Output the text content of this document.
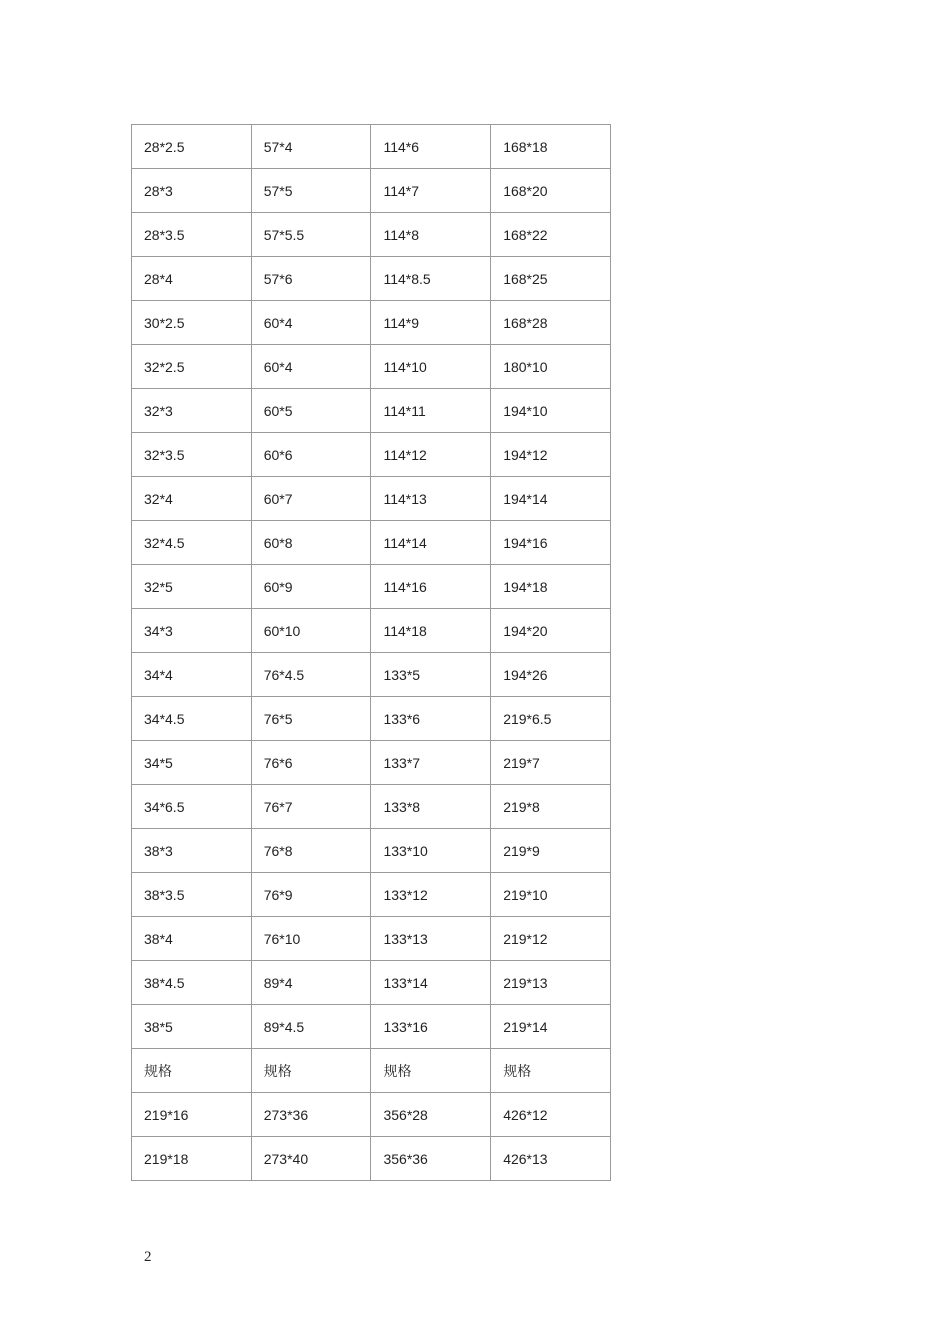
28*2.5	57*4	114*6	168*18
28*3	57*5	114*7	168*20
28*3.5	57*5.5	114*8	168*22
28*4	57*6	114*8.5	168*25
30*2.5	60*4	114*9	168*28
32*2.5	60*4	114*10	180*10
32*3	60*5	114*11	194*10
32*3.5	60*6	114*12	194*12
32*4	60*7	114*13	194*14
32*4.5	60*8	114*14	194*16
32*5	60*9	114*16	194*18
34*3	60*10	114*18	194*20
34*4	76*4.5	133*5	194*26
34*4.5	76*5	133*6	219*6.5
34*5	76*6	133*7	219*7
34*6.5	76*7	133*8	219*8
38*3	76*8	133*10	219*9
38*3.5	76*9	133*12	219*10
38*4	76*10	133*13	219*12
38*4.5	89*4	133*14	219*13
38*5	89*4.5	133*16	219*14
规格	规格	规格	规格
219*16	273*36	356*28	426*12
219*18	273*40	356*36	426*13
2
